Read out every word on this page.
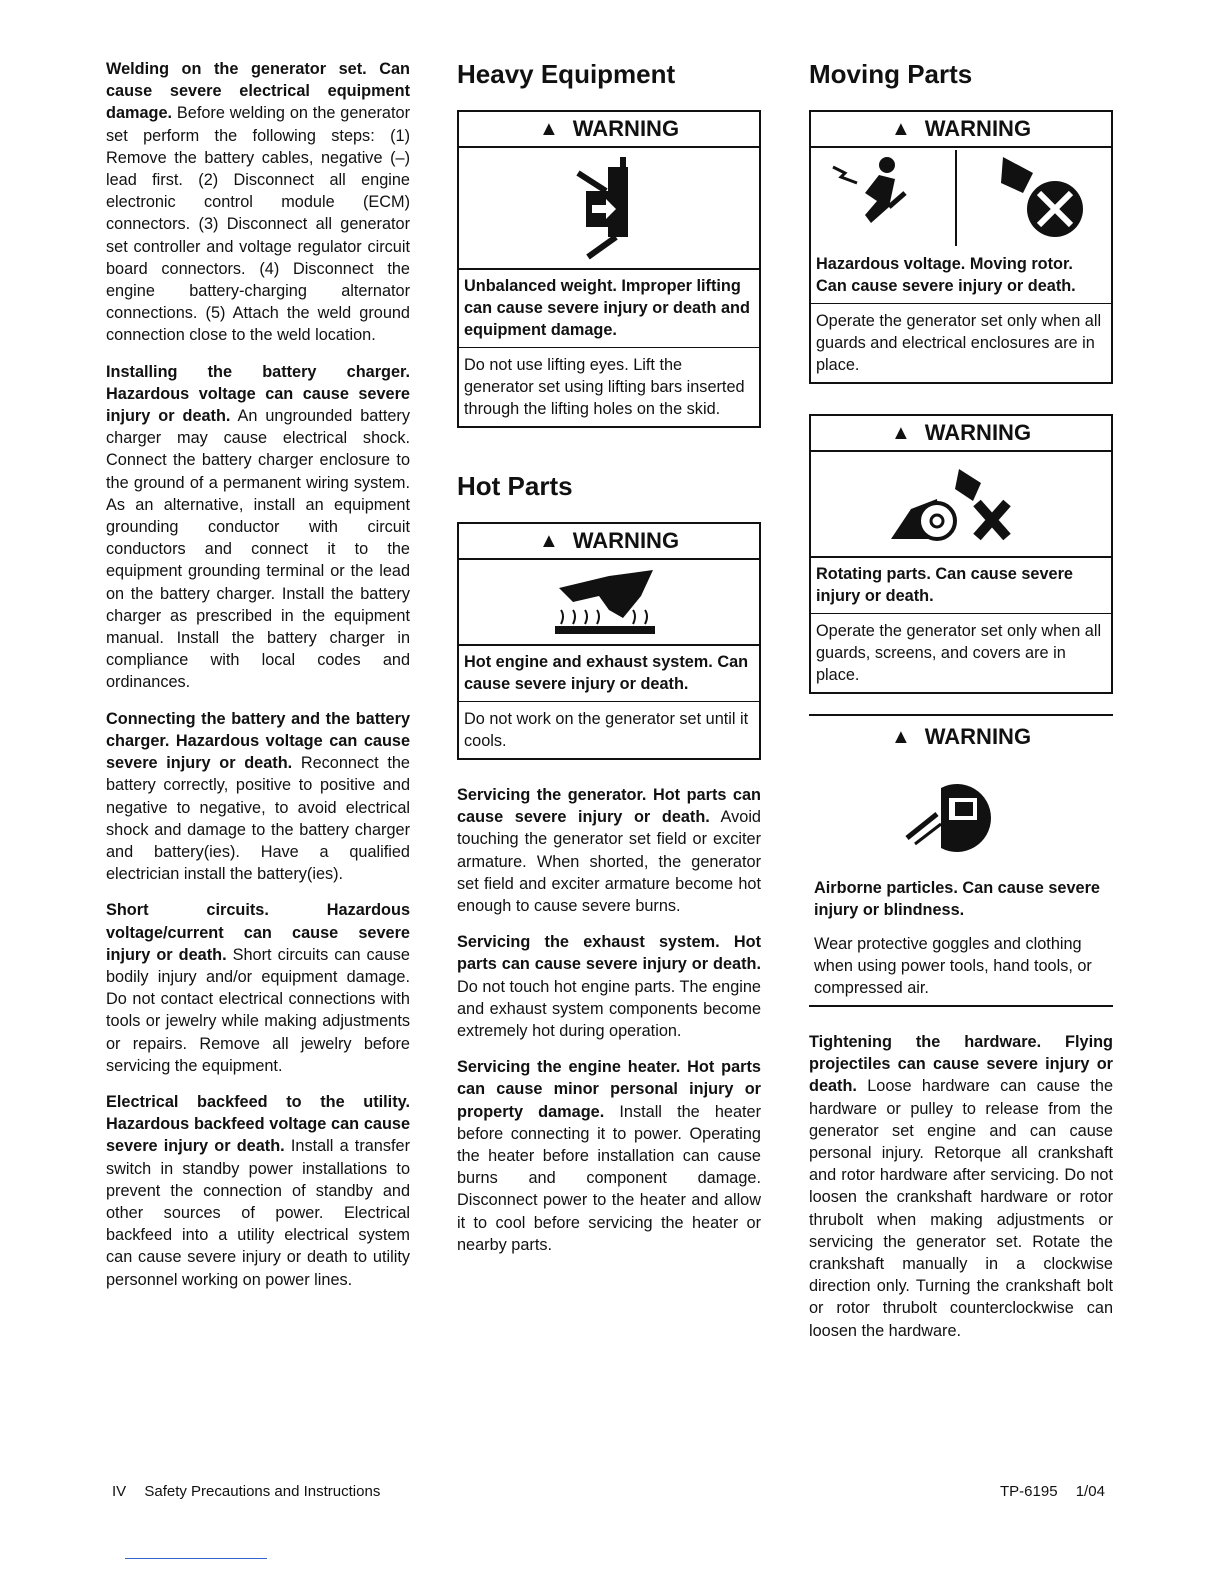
Welding on the generator set. Can cause severe electrical equipment damage. Before welding on the generator set perform the following steps: (1) Remove the battery cables, negative (–) lead first. (2) Disconnect all engine electronic control module (ECM) connectors. (3) Disconnect all generator set controller and voltage regulator circuit board connectors. (4) Disconnect the engine battery-charging alternator connections. (5) Attach the weld ground connection close to the weld location.

Installing the battery charger. Hazardous voltage can cause severe injury or death. An ungrounded battery charger may cause electrical shock. Connect the battery charger enclosure to the ground of a permanent wiring system. As an alternative, install an equipment grounding conductor with circuit conductors and connect it to the equipment grounding terminal or the lead on the battery charger. Install the battery charger as prescribed in the equipment manual. Install the battery charger in compliance with local codes and ordinances.

Connecting the battery and the battery charger. Hazardous voltage can cause severe injury or death. Reconnect the battery correctly, positive to positive and negative to negative, to avoid electrical shock and damage to the battery charger and battery(ies). Have a qualified electrician install the battery(ies).

Short circuits. Hazardous voltage/current can cause severe injury or death. Short circuits can cause bodily injury and/or equipment damage. Do not contact electrical connections with tools or jewelry while making adjustments or repairs. Remove all jewelry before servicing the equipment.

Electrical backfeed to the utility. Hazardous backfeed voltage can cause severe injury or death. Install a transfer switch in standby power installations to prevent the connection of standby and other sources of power. Electrical backfeed into a utility electrical system can cause severe injury or death to utility personnel working on power lines.

Heavy Equipment
▲ WARNING
Unbalanced weight. Improper lifting can cause severe injury or death and equipment damage.
Do not use lifting eyes. Lift the generator set using lifting bars inserted through the lifting holes on the skid.
Hot Parts
▲ WARNING
Hot engine and exhaust system. Can cause severe injury or death.
Do not work on the generator set until it cools.

Servicing the generator. Hot parts can cause severe injury or death. Avoid touching the generator set field or exciter armature. When shorted, the generator set field and exciter armature become hot enough to cause severe burns.

Servicing the exhaust system. Hot parts can cause severe injury or death. Do not touch hot engine parts. The engine and exhaust system components become extremely hot during operation.

Servicing the engine heater. Hot parts can cause minor personal injury or property damage. Install the heater before connecting it to power. Operating the heater before installation can cause burns and component damage. Disconnect power to the heater and allow it to cool before servicing the heater or nearby parts.

Moving Parts
▲ WARNING
Hazardous voltage. Moving rotor.
Can cause severe injury or death.
Operate the generator set only when all guards and electrical enclosures are in place.
▲ WARNING
Rotating parts. Can cause severe injury or death.
Operate the generator set only when all guards, screens, and covers are in place.
▲ WARNING
Airborne particles. Can cause severe injury or blindness.
Wear protective goggles and clothing when using power tools, hand tools, or compressed air.

Tightening the hardware. Flying projectiles can cause severe injury or death. Loose hardware can cause the hardware or pulley to release from the generator set engine and can cause personal injury. Retorque all crankshaft and rotor hardware after servicing. Do not loosen the crankshaft hardware or rotor thrubolt when making adjustments or servicing the generator set. Rotate the crankshaft manually in a clockwise direction only. Turning the crankshaft bolt or rotor thrubolt counterclockwise can loosen the hardware.

IV Safety Precautions and Instructions	TP-6195 1/04
